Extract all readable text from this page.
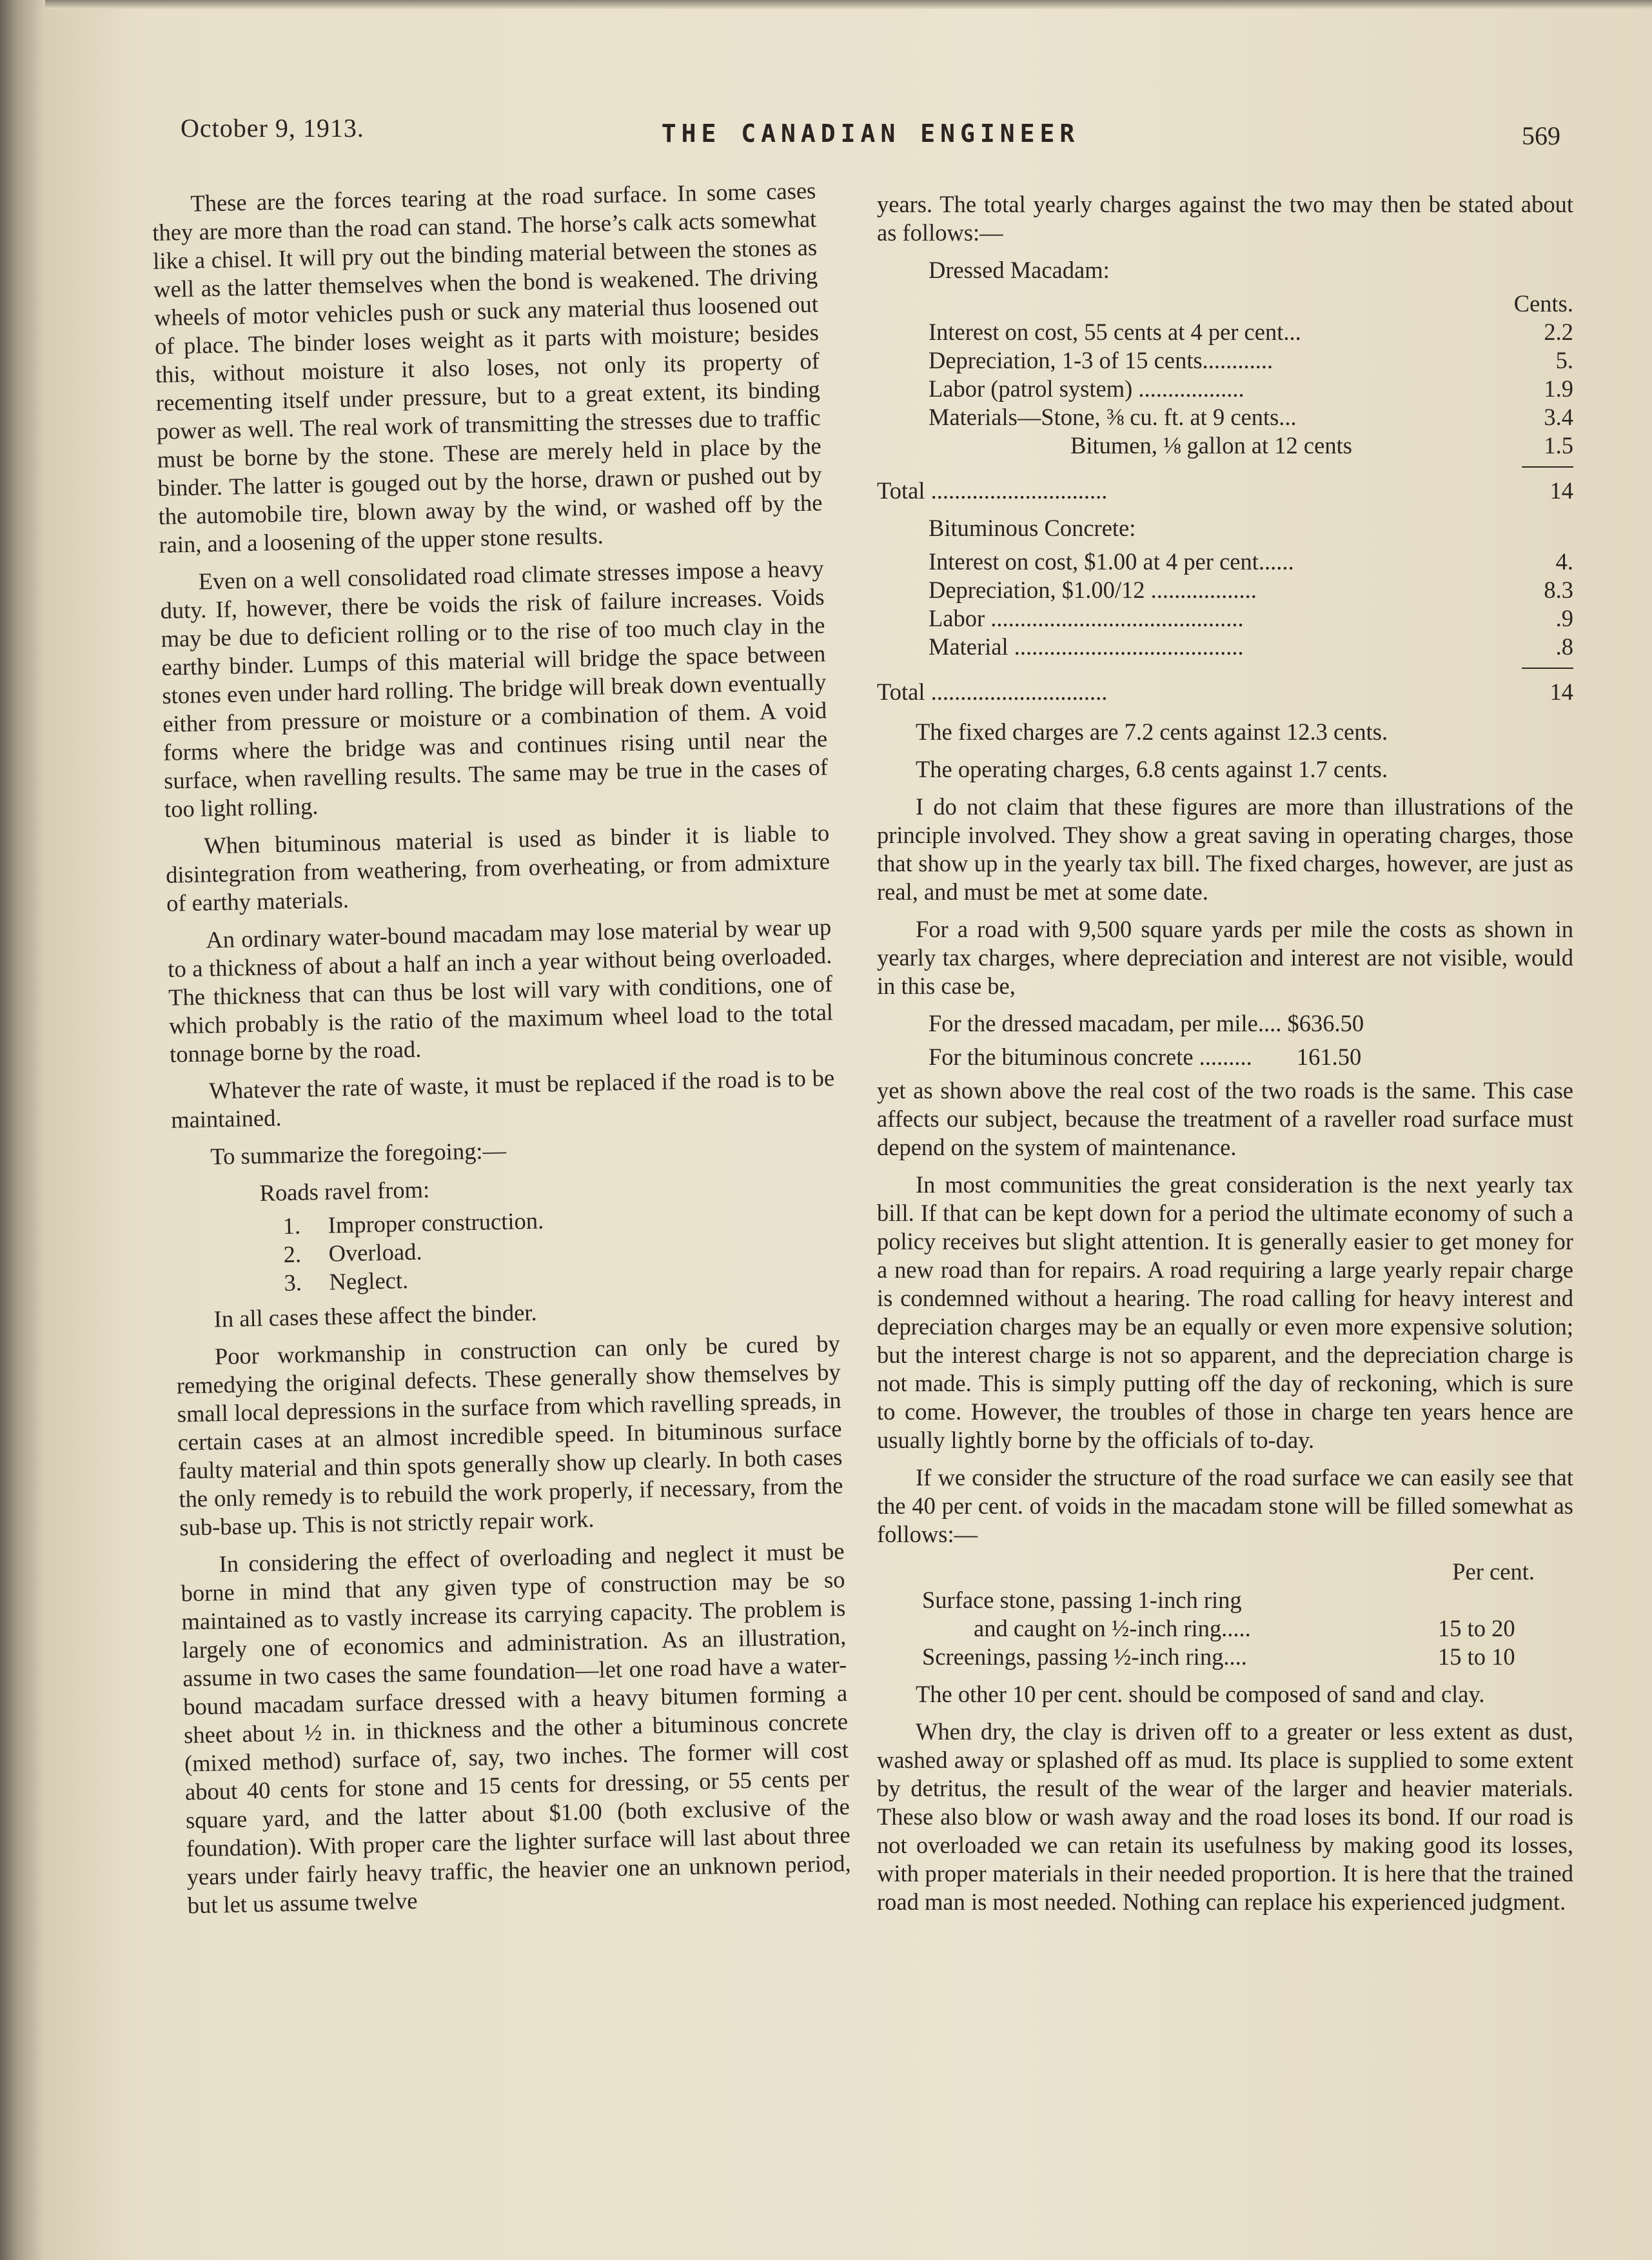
October 9, 1913.	THE CANADIAN ENGINEER	569

These are the forces tearing at the road surface. In some cases they are more than the road can stand. The horse’s calk acts somewhat like a chisel. It will pry out the binding material between the stones as well as the latter themselves when the bond is weakened. The driving wheels of motor vehicles push or suck any material thus loosened out of place. The binder loses weight as it parts with moisture; besides this, without moisture it also loses, not only its property of recementing itself under pressure, but to a great extent, its binding power as well. The real work of transmitting the stresses due to traffic must be borne by the stone. These are merely held in place by the binder. The latter is gouged out by the horse, drawn or pushed out by the automobile tire, blown away by the wind, or washed off by the rain, and a loosening of the upper stone results.

Even on a well consolidated road climate stresses impose a heavy duty. If, however, there be voids the risk of failure increases. Voids may be due to deficient rolling or to the rise of too much clay in the earthy binder. Lumps of this material will bridge the space between stones even under hard rolling. The bridge will break down eventually either from pressure or moisture or a combination of them. A void forms where the bridge was and continues rising until near the surface, when ravelling results. The same may be true in the cases of too light rolling.

When bituminous material is used as binder it is liable to disintegration from weathering, from overheating, or from admixture of earthy materials.

An ordinary water-bound macadam may lose material by wear up to a thickness of about a half an inch a year without being overloaded. The thickness that can thus be lost will vary with conditions, one of which probably is the ratio of the maximum wheel load to the total tonnage borne by the road.

Whatever the rate of waste, it must be replaced if the road is to be maintained.

To summarize the foregoing:—

Roads ravel from:
1. Improper construction.
2. Overload.
3. Neglect.

In all cases these affect the binder.

Poor workmanship in construction can only be cured by remedying the original defects. These generally show themselves by small local depressions in the surface from which ravelling spreads, in certain cases at an almost incredible speed. In bituminous surface faulty material and thin spots generally show up clearly. In both cases the only remedy is to rebuild the work properly, if necessary, from the sub-base up. This is not strictly repair work.

In considering the effect of overloading and neglect it must be borne in mind that any given type of construction may be so maintained as to vastly increase its carrying capacity. The problem is largely one of economics and administration. As an illustration, assume in two cases the same foundation—let one road have a water-bound macadam surface dressed with a heavy bitumen forming a sheet about ½ in. in thickness and the other a bituminous concrete (mixed method) surface of, say, two inches. The former will cost about 40 cents for stone and 15 cents for dressing, or 55 cents per square yard, and the latter about $1.00 (both exclusive of the foundation). With proper care the lighter surface will last about three years under fairly heavy traffic, the heavier one an unknown period, but let us assume twelve

years. The total yearly charges against the two may then be stated about as follows:—

Dressed Macadam:
Cents.
Interest on cost, 55 cents at 4 per cent...	2.2
Depreciation, 1-3 of 15 cents............	5.
Labor (patrol system) ..................	1.9
Materials—Stone, ⅜ cu. ft. at 9 cents...	3.4
Bitumen, ⅛ gallon at 12 cents	1.5

Total ..............................	14
Bituminous Concrete:
Interest on cost, $1.00 at 4 per cent......	4.
Depreciation, $1.00/12 ..................	8.3
Labor ...........................................	.9
Material .......................................	.8

Total ..............................	14

The fixed charges are 7.2 cents against 12.3 cents.

The operating charges, 6.8 cents against 1.7 cents.

I do not claim that these figures are more than illustrations of the principle involved. They show a great saving in operating charges, those that show up in the yearly tax bill. The fixed charges, however, are just as real, and must be met at some date.

For a road with 9,500 square yards per mile the costs as shown in yearly tax charges, where depreciation and interest are not visible, would in this case be,

For the dressed macadam, per mile.... $636.50
For the bituminous concrete ......... 161.50

yet as shown above the real cost of the two roads is the same. This case affects our subject, because the treatment of a raveller road surface must depend on the system of maintenance.

In most communities the great consideration is the next yearly tax bill. If that can be kept down for a period the ultimate economy of such a policy receives but slight attention. It is generally easier to get money for a new road than for repairs. A road requiring a large yearly repair charge is condemned without a hearing. The road calling for heavy interest and depreciation charges may be an equally or even more expensive solution; but the interest charge is not so apparent, and the depreciation charge is not made. This is simply putting off the day of reckoning, which is sure to come. However, the troubles of those in charge ten years hence are usually lightly borne by the officials of to-day.

If we consider the structure of the road surface we can easily see that the 40 per cent. of voids in the macadam stone will be filled somewhat as follows:—

Per cent.
Surface stone, passing 1-inch ring
and caught on ½-inch ring.....	15 to 20
Screenings, passing ½-inch ring....	15 to 10

The other 10 per cent. should be composed of sand and clay.

When dry, the clay is driven off to a greater or less extent as dust, washed away or splashed off as mud. Its place is supplied to some extent by detritus, the result of the wear of the larger and heavier materials. These also blow or wash away and the road loses its bond. If our road is not overloaded we can retain its usefulness by making good its losses, with proper materials in their needed proportion. It is here that the trained road man is most needed. Nothing can replace his experienced judgment.
